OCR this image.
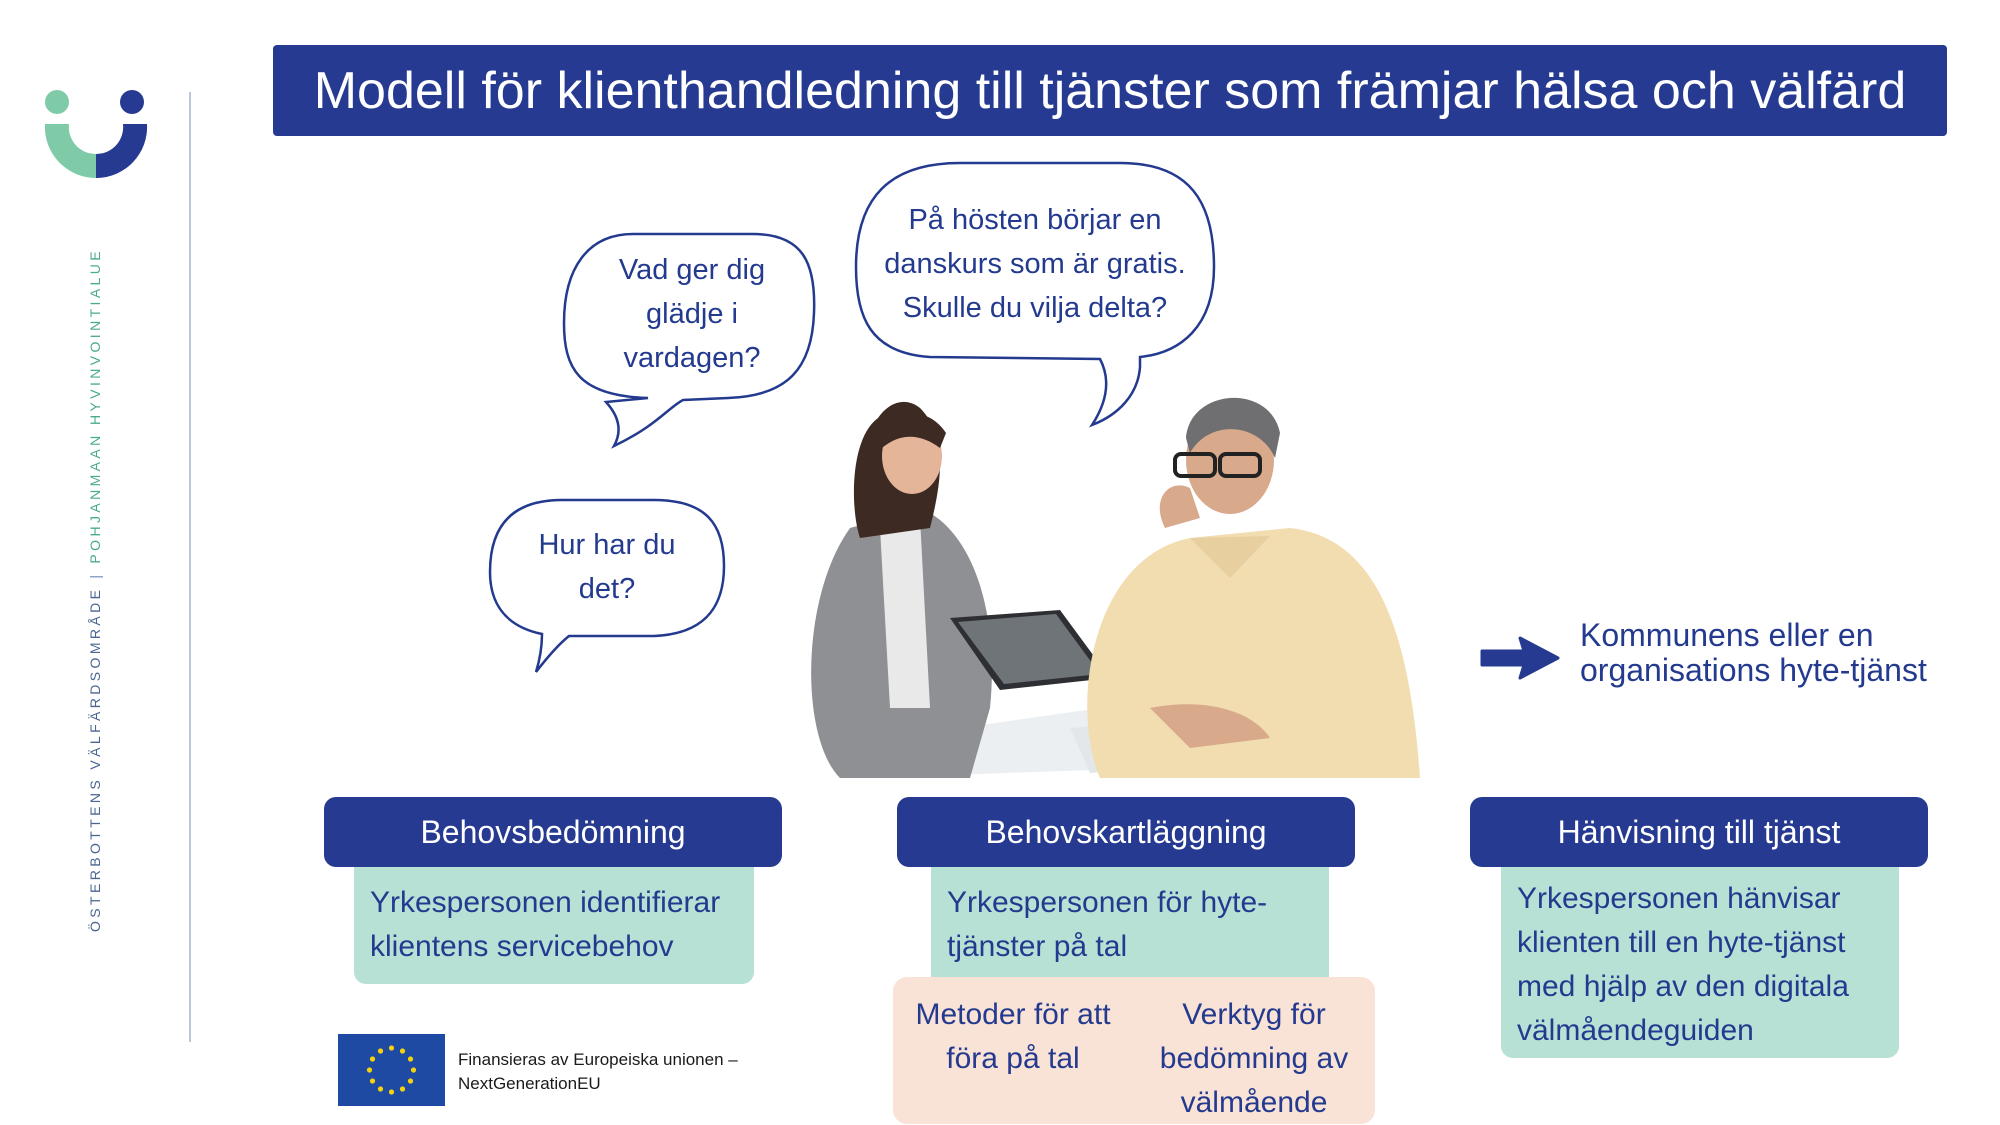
ÖSTERBOTTENS VÄLFÄRDSOMRÅDE|POHJANMAAN HYVINVOINTIALUE
Modell för klienthandledning till tjänster som främjar hälsa och välfärd
Vad ger dig
glädje i
vardagen?
På hösten börjar en
danskurs som är gratis.
Skulle du vilja delta?
Hur har du
det?
Kommunens eller en
organisations hyte-tjänst
Yrkespersonen identifierar
klientens servicebehov
Behovsbedömning
Yrkespersonen för hyte-
tjänster på tal
Metoder för att
föra på tal
Verktyg för
bedömning av
välmående
Behovskartläggning
Yrkespersonen hänvisar
klienten till en hyte-tjänst
med hjälp av den digitala
välmåendeguiden
Hänvisning till tjänst
Finansieras av Europeiska unionen –
NextGenerationEU
